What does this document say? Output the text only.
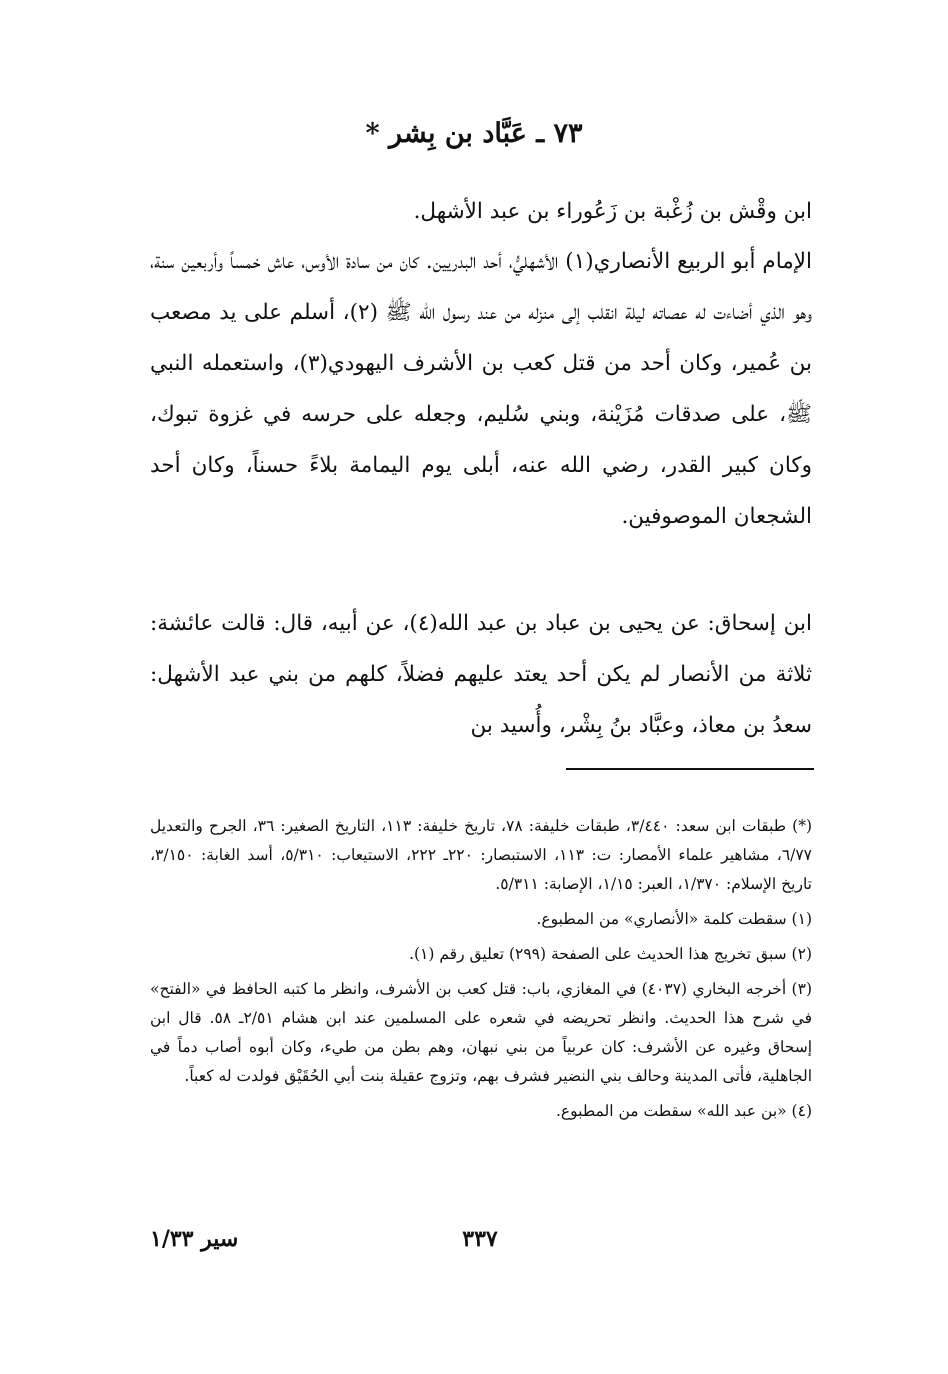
٧٣ ـ عَبَّاد بن بِشر *
ابن وقْش بن زُغْبة بن زَعُوراء بن عبد الأشهل.
الإمام أبو الربيع الأنصاري(١) الأشهليُّ، أحد البدريين. كان من سادة الأوس، عاش خمساً وأربعين سنة، وهو الذي أضاءت له عصاته ليلة انقلب إلى منزله من عند رسول الله ﷺ (٢)، أسلم على يد مصعب بن عُمير، وكان أحد من قتل كعب بن الأشرف اليهودي(٣)، واستعمله النبي ﷺ، على صدقات مُزَيْنة، وبني سُليم، وجعله على حرسه في غزوة تبوك، وكان كبير القدر، رضي الله عنه، أبلى يوم اليمامة بلاءً حسناً، وكان أحد الشجعان الموصوفين.
ابن إسحاق: عن يحيى بن عباد بن عبد الله(٤)، عن أبيه، قال: قالت عائشة: ثلاثة من الأنصار لم يكن أحد يعتد عليهم فضلاً، كلهم من بني عبد الأشهل: سعدُ بن معاذ، وعبَّاد بنُ بِشْر، وأُسيد بن

(*) طبقات ابن سعد: ٣/٤٤٠، طبقات خليفة: ٧٨، تاريخ خليفة: ١١٣، التاريخ الصغير: ٣٦، الجرح والتعديل ٦/٧٧، مشاهير علماء الأمصار: ت: ١١٣، الاستبصار: ٢٢٠ـ ٢٢٢، الاستيعاب: ٥/٣١٠، أسد الغابة: ٣/١٥٠، تاريخ الإسلام: ١/٣٧٠، العبر: ١/١٥، الإصابة: ٥/٣١١.

(١) سقطت كلمة «الأنصاري» من المطبوع.

(٢) سبق تخريج هذا الحديث على الصفحة (٢٩٩) تعليق رقم (١).

(٣) أخرجه البخاري (٤٠٣٧) في المغازي، باب: قتل كعب بن الأشرف، وانظر ما كتبه الحافظ في «الفتح» في شرح هذا الحديث. وانظر تحريضه في شعره على المسلمين عند ابن هشام ٢/٥١ـ ٥٨. قال ابن إسحاق وغيره عن الأشرف: كان عربياً من بني نبهان، وهم بطن من طيء، وكان أبوه أصاب دماً في الجاهلية، فأتى المدينة وحالف بني النضير فشرف بهم، وتزوج عقيلة بنت أبي الحُقَيْق فولدت له كعباً.

(٤) «بن عبد الله» سقطت من المطبوع.

٣٣٧
سير ١/٣٣
